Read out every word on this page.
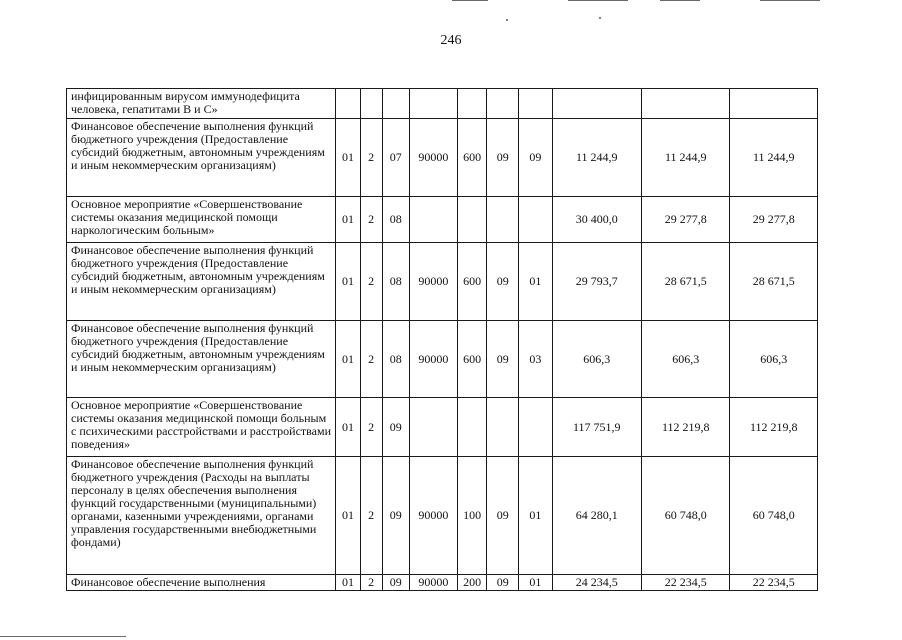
246
инфицированным вирусом иммунодефицита человека, гепатитами В и С»										
Финансовое обеспечение выполнения функций бюджетного учреждения (Предоставление субсидий бюджетным, автономным учреждениям и иным некоммерческим организациям)	01	2	07	90000	600	09	09	11 244,9	11 244,9	11 244,9
Основное мероприятие «Совершенствование системы оказания медицинской помощи наркологическим больным»	01	2	08					30 400,0	29 277,8	29 277,8
Финансовое обеспечение выполнения функций бюджетного учреждения (Предоставление субсидий бюджетным, автономным учреждениям и иным некоммерческим организациям)	01	2	08	90000	600	09	01	29 793,7	28 671,5	28 671,5
Финансовое обеспечение выполнения функций бюджетного учреждения (Предоставление субсидий бюджетным, автономным учреждениям и иным некоммерческим организациям)	01	2	08	90000	600	09	03	606,3	606,3	606,3
Основное мероприятие «Совершенствование системы оказания медицинской помощи больным с психическими расстройствами и расстройствами поведения»	01	2	09					117 751,9	112 219,8	112 219,8
Финансовое обеспечение выполнения функций бюджетного учреждения (Расходы на выплаты персоналу в целях обеспечения выполнения функций государственными (муниципальными) органами, казенными учреждениями, органами управления государственными внебюджетными фондами)	01	2	09	90000	100	09	01	64 280,1	60 748,0	60 748,0
Финансовое обеспечение выполнения	01	2	09	90000	200	09	01	24 234,5	22 234,5	22 234,5
